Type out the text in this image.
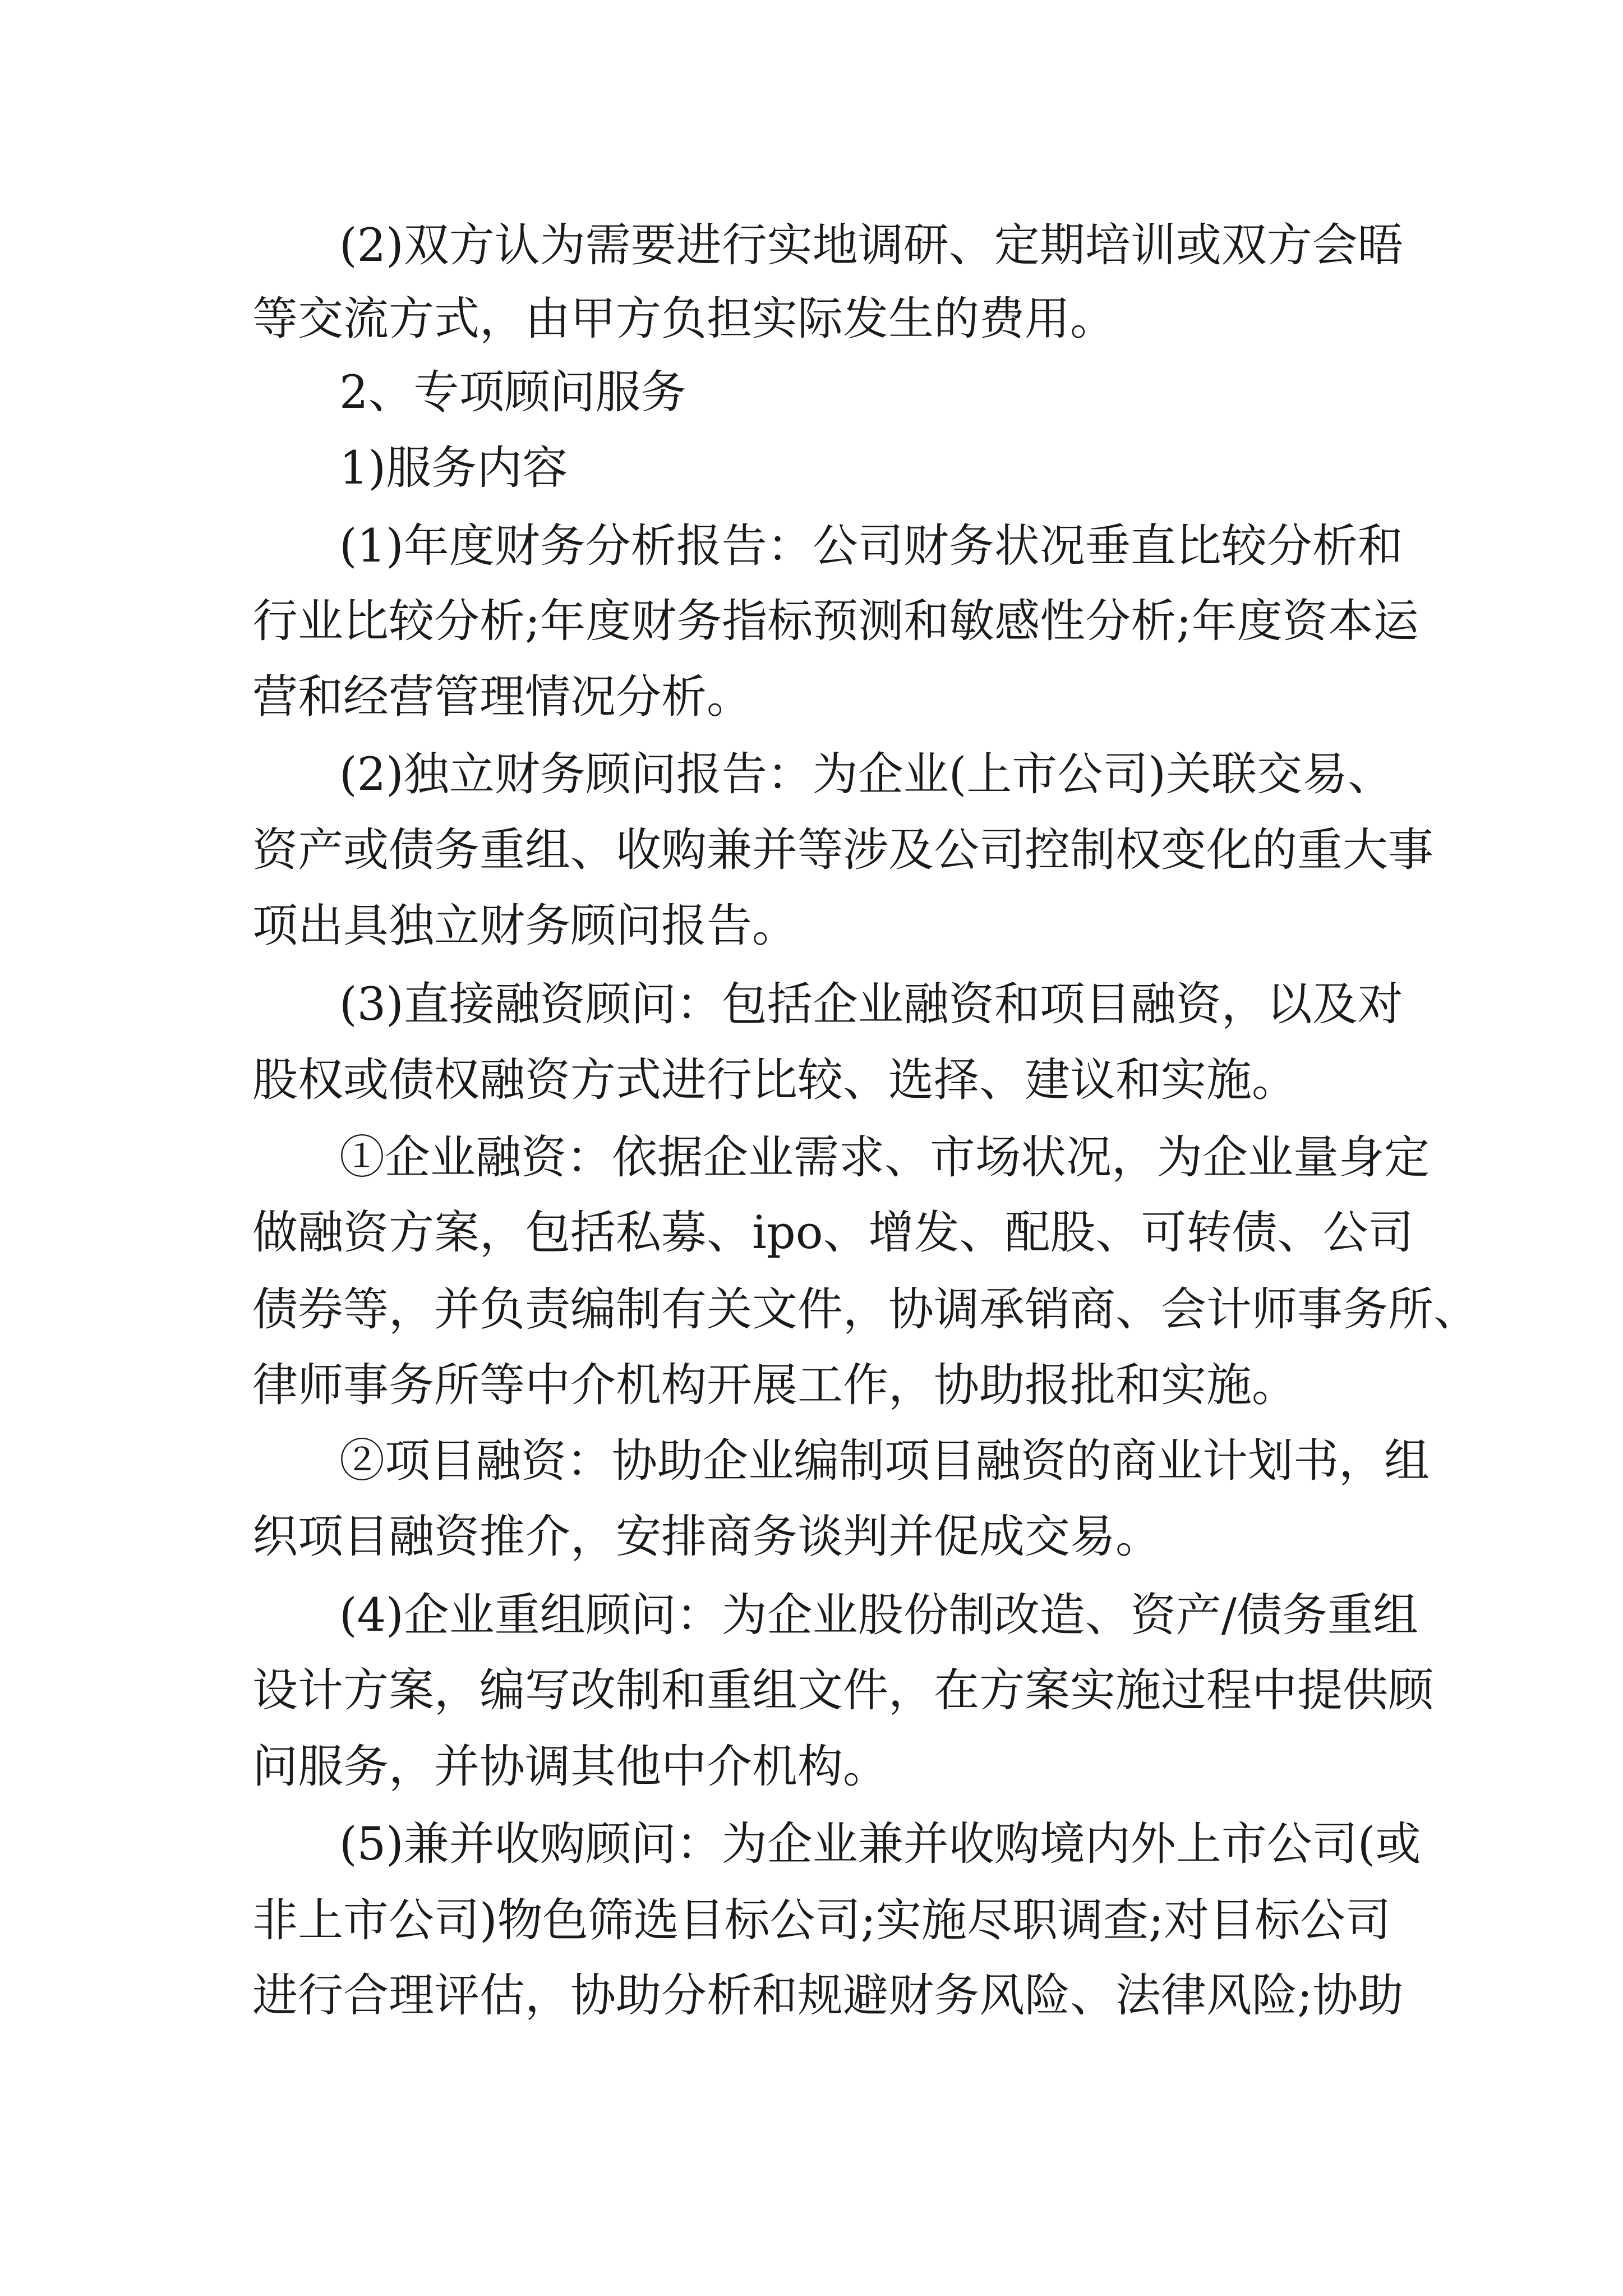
(2)双方认为需要进行实地调研、定期培训或双方会晤
等交流方式，由甲方负担实际发生的费用。
2、专项顾问服务
1)服务内容
(1)年度财务分析报告：公司财务状况垂直比较分析和
行业比较分析;年度财务指标预测和敏感性分析;年度资本运
营和经营管理情况分析。
(2)独立财务顾问报告：为企业(上市公司)关联交易、
资产或债务重组、收购兼并等涉及公司控制权变化的重大事
项出具独立财务顾问报告。
(3)直接融资顾问：包括企业融资和项目融资，以及对
股权或债权融资方式进行比较、选择、建议和实施。
①企业融资：依据企业需求、市场状况，为企业量身定
做融资方案，包括私募、ipo、增发、配股、可转债、公司
债券等，并负责编制有关文件，协调承销商、会计师事务所、
律师事务所等中介机构开展工作，协助报批和实施。
②项目融资：协助企业编制项目融资的商业计划书，组
织项目融资推介，安排商务谈判并促成交易。
(4)企业重组顾问：为企业股份制改造、资产/债务重组
设计方案，编写改制和重组文件，在方案实施过程中提供顾
问服务，并协调其他中介机构。
(5)兼并收购顾问：为企业兼并收购境内外上市公司(或
非上市公司)物色筛选目标公司;实施尽职调查;对目标公司
进行合理评估，协助分析和规避财务风险、法律风险;协助
